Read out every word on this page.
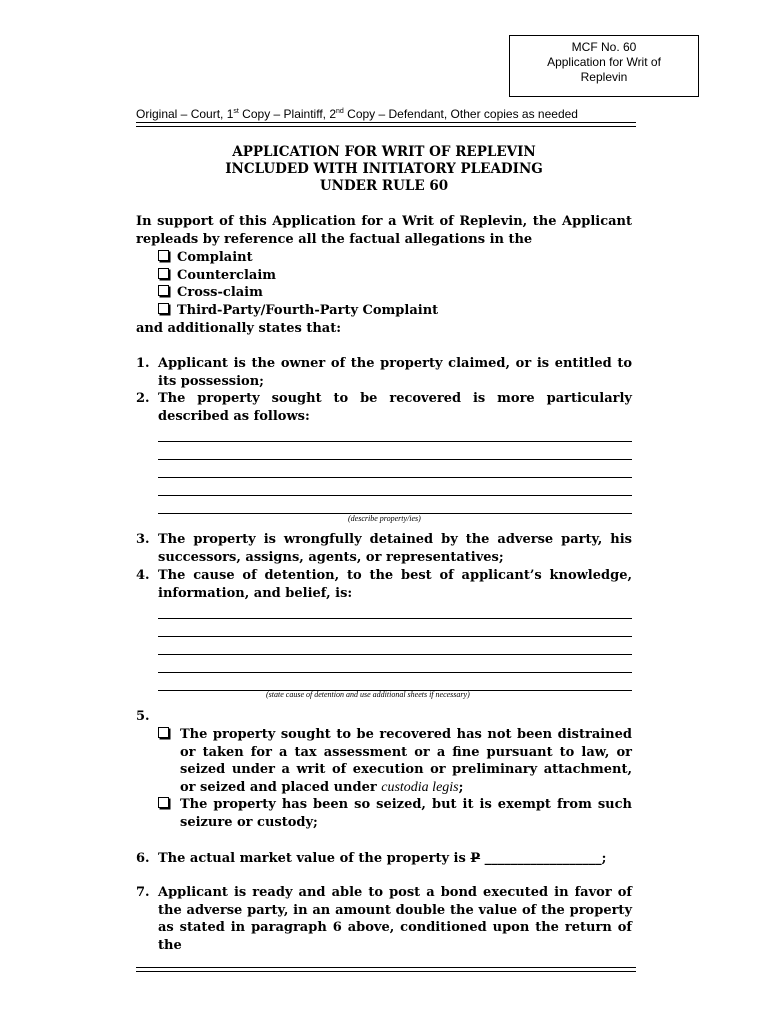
MCF No. 60
Application for Writ of
Replevin
Original – Court, 1st Copy – Plaintiff, 2nd Copy – Defendant, Other copies as needed
APPLICATION FOR WRIT OF REPLEVIN
INCLUDED WITH INITIATORY PLEADING
UNDER RULE 60
In support of this Application for a Writ of Replevin, the Applicant repleads by reference all the factual allegations in the
Complaint
Counterclaim
Cross-claim
Third-Party/Fourth-Party Complaint
and additionally states that:
1. Applicant is the owner of the property claimed, or is entitled to its possession;
2. The property sought to be recovered is more particularly described as follows:
(describe property/ies)
3. The property is wrongfully detained by the adverse party, his successors, assigns, agents, or representatives;
4. The cause of detention, to the best of applicant’s knowledge, information, and belief, is:
(state cause of detention and use additional sheets if necessary)
5.
The property sought to be recovered has not been distrained or taken for a tax assessment or a fine pursuant to law, or seized under a writ of execution or preliminary attachment, or seized and placed under custodia legis;
The property has been so seized, but it is exempt from such seizure or custody;
6. The actual market value of the property is P __________________;
7. Applicant is ready and able to post a bond executed in favor of the adverse party, in an amount double the value of the property as stated in paragraph 6 above, conditioned upon the return of the
